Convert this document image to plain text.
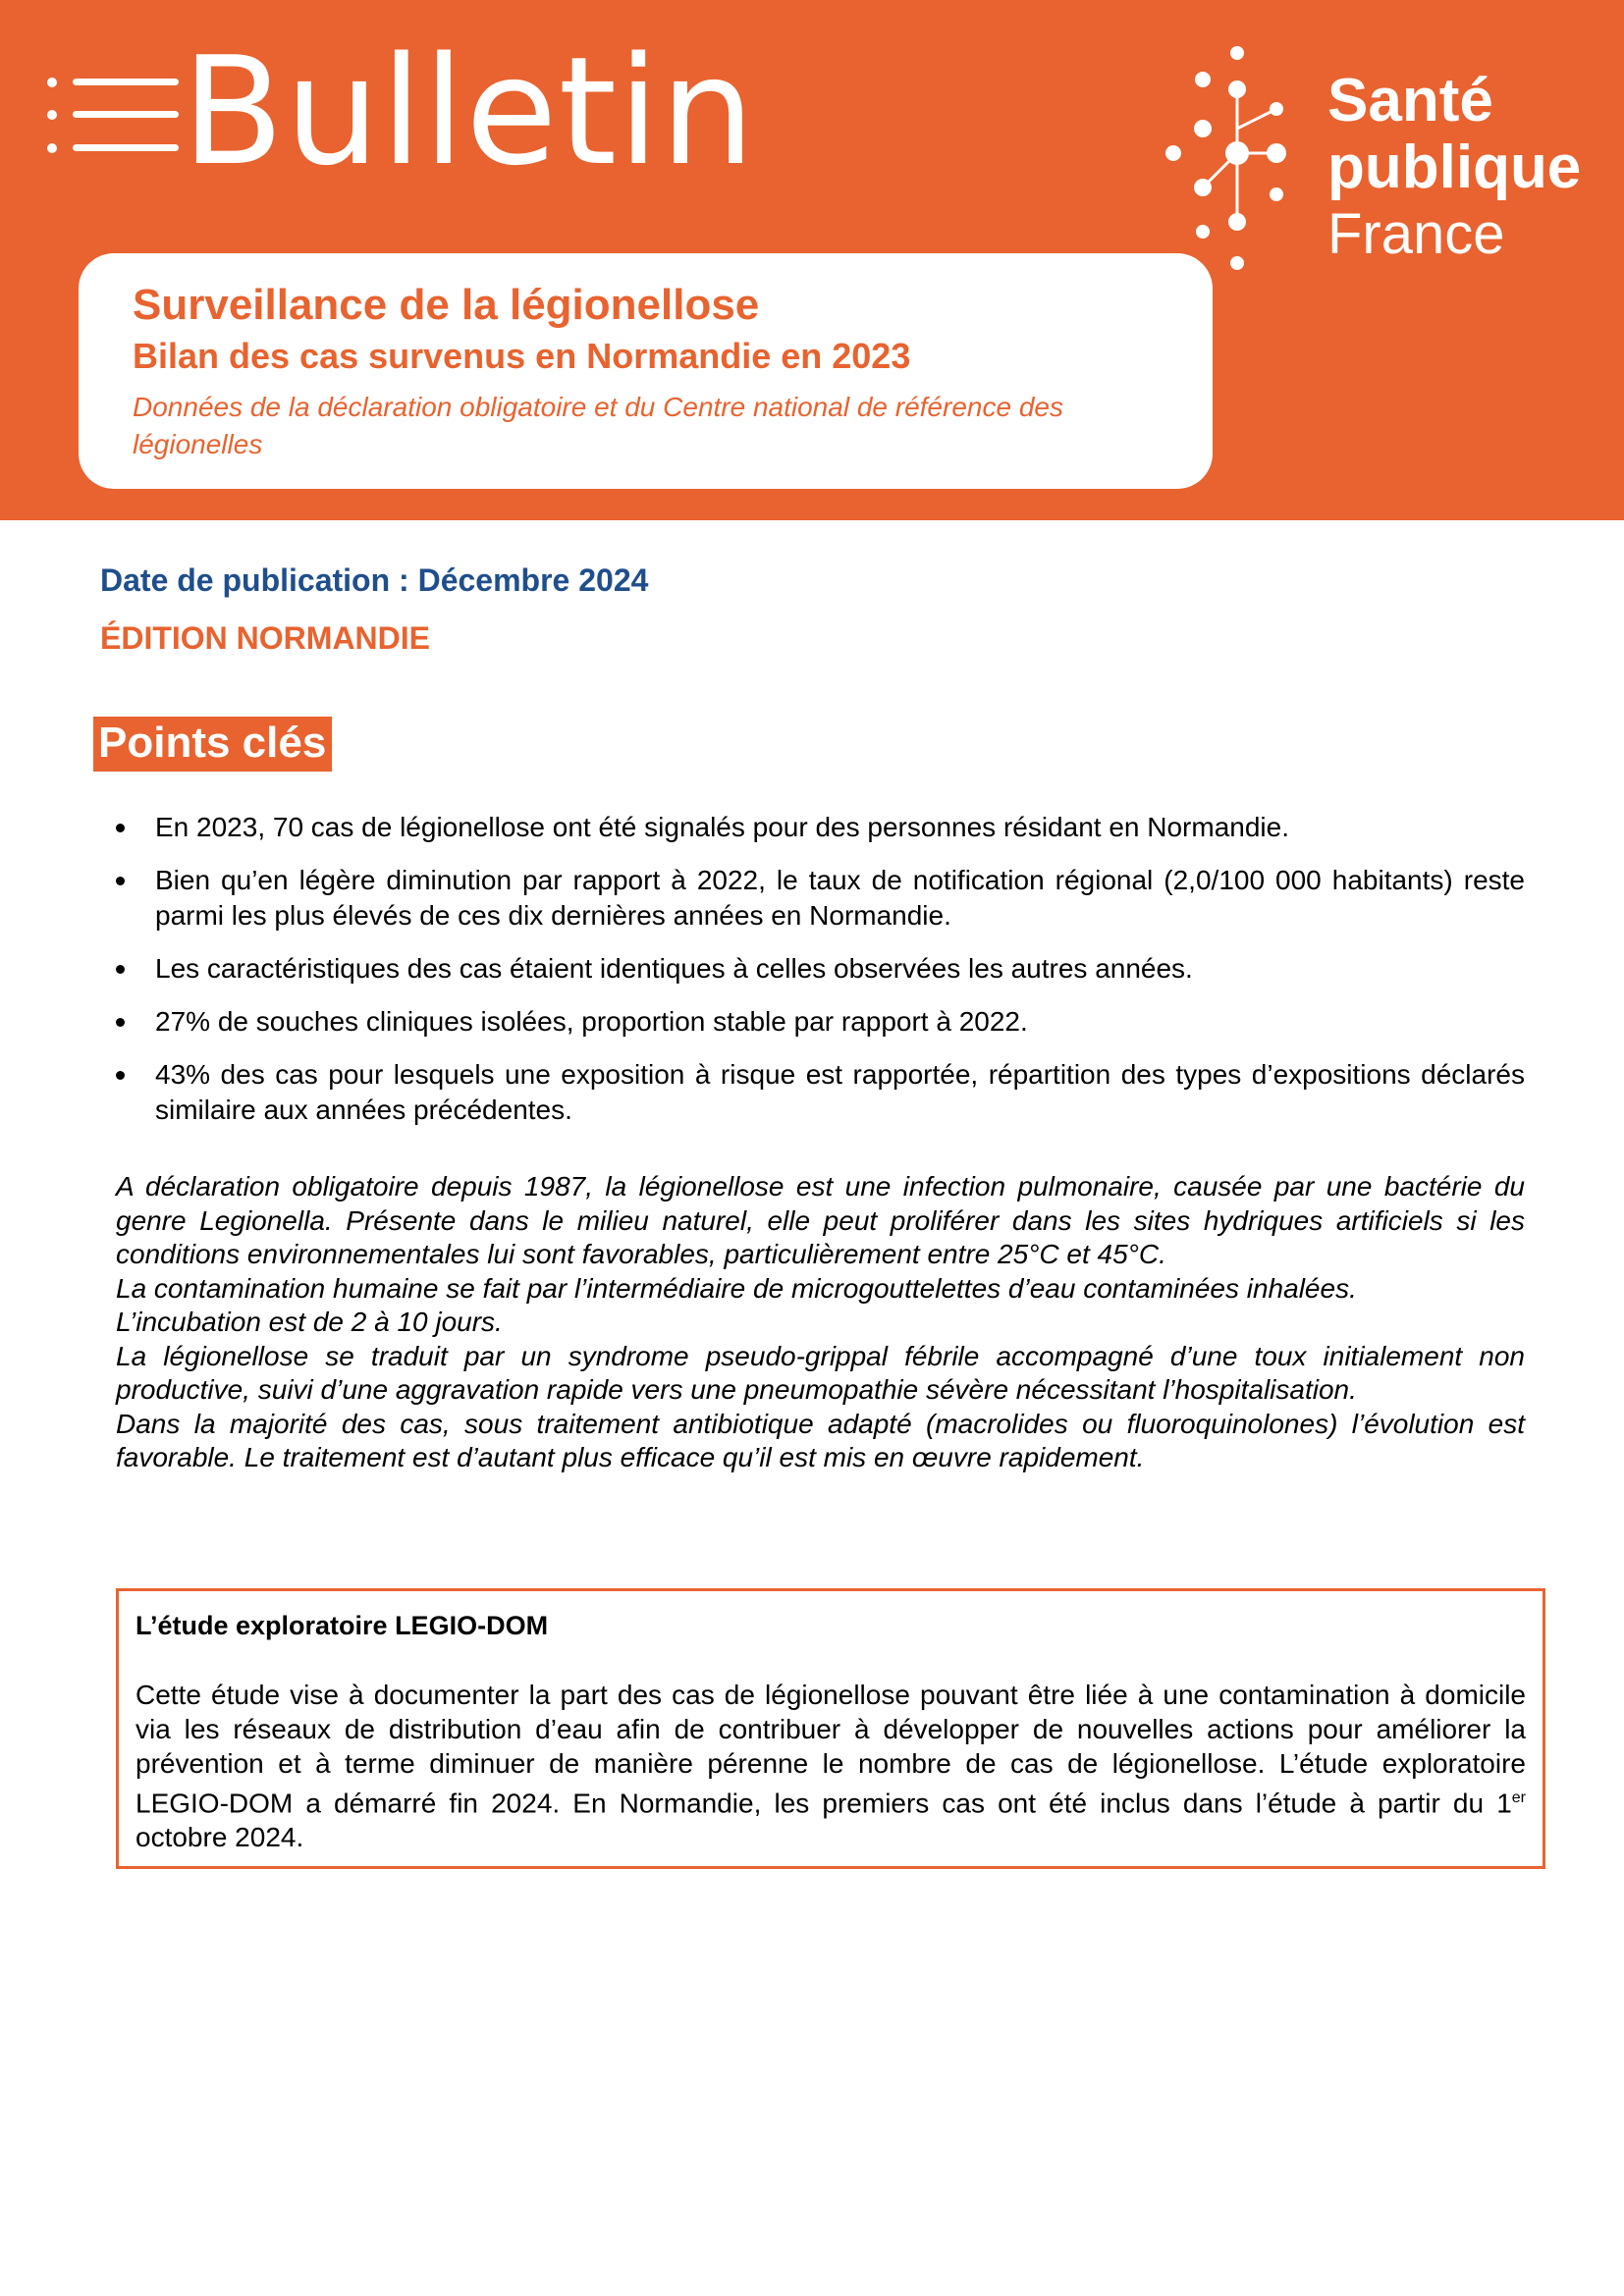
Bulletin	Santé
publique
France
Surveillance de la légionellose
Bilan des cas survenus en Normandie en 2023
Données de la déclaration obligatoire et du Centre national de référence des légionelles
Date de publication : Décembre 2024
ÉDITION NORMANDIE
Points clés
En 2023, 70 cas de légionellose ont été signalés pour des personnes résidant en Normandie.
Bien qu’en légère diminution par rapport à 2022, le taux de notification régional (2,0/100 000 habitants) reste parmi les plus élevés de ces dix dernières années en Normandie.
Les caractéristiques des cas étaient identiques à celles observées les autres années.
27% de souches cliniques isolées, proportion stable par rapport à 2022.
43% des cas pour lesquels une exposition à risque est rapportée, répartition des types d’expositions déclarés similaire aux années précédentes.

A déclaration obligatoire depuis 1987, la légionellose est une infection pulmonaire, causée par une bactérie du genre Legionella. Présente dans le milieu naturel, elle peut proliférer dans les sites hydriques artificiels si les conditions environnementales lui sont favorables, particulièrement entre 25°C et 45°C.

La contamination humaine se fait par l’intermédiaire de microgouttelettes d’eau contaminées inhalées.

L’incubation est de 2 à 10 jours.

La légionellose se traduit par un syndrome pseudo-grippal fébrile accompagné d’une toux initialement non productive, suivi d’une aggravation rapide vers une pneumopathie sévère nécessitant l’hospitalisation.

Dans la majorité des cas, sous traitement antibiotique adapté (macrolides ou fluoroquinolones) l’évolution est favorable. Le traitement est d’autant plus efficace qu’il est mis en œuvre rapidement.

L’étude exploratoire LEGIO-DOM
Cette étude vise à documenter la part des cas de légionellose pouvant être liée à une contamination à domicile via les réseaux de distribution d’eau afin de contribuer à développer de nouvelles actions pour améliorer la prévention et à terme diminuer de manière pérenne le nombre de cas de légionellose. L’étude exploratoire LEGIO-DOM a démarré fin 2024. En Normandie, les premiers cas ont été inclus dans l’étude à partir du 1er octobre 2024.
